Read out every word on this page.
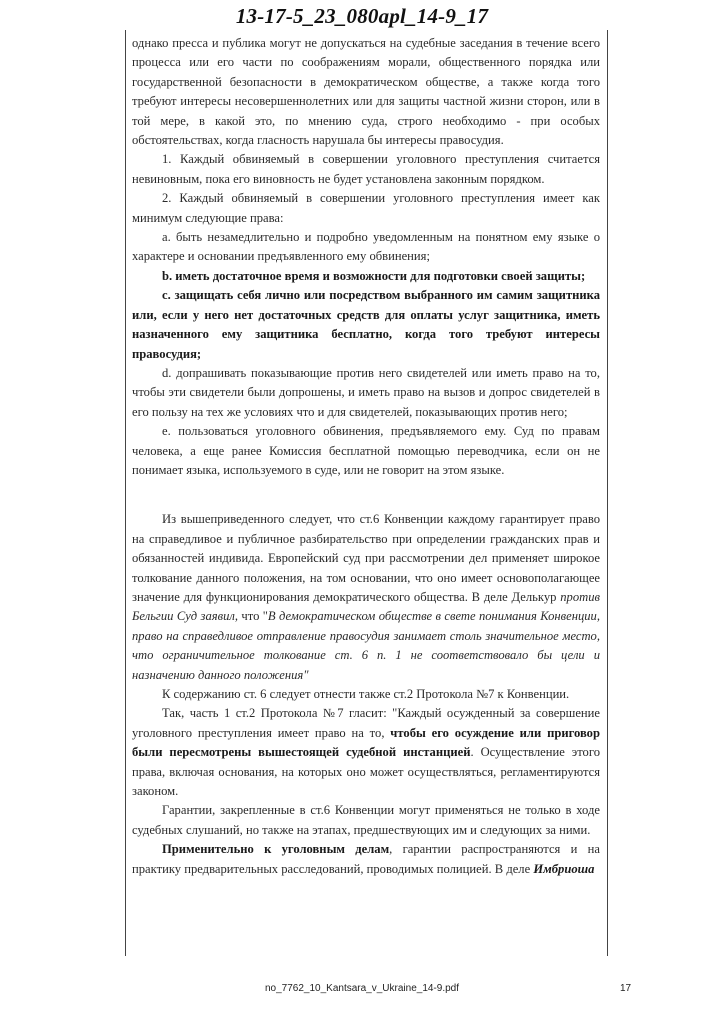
13-17-5_23_080apl_14-9_17

однако пресса и публика могут не допускаться на судебные заседания в течение всего процесса или его части по соображениям морали, общественного порядка или государственной безопасности в демократическом обществе, а также когда того требуют интересы несовершеннолетних или для защиты частной жизни сторон, или в той мере, в какой это, по мнению суда, строго необходимо - при особых обстоятельствах, когда гласность нарушала бы интересы правосудия.

1. Каждый обвиняемый в совершении уголовного преступления считается невиновным, пока его виновность не будет установлена законным порядком.

2. Каждый обвиняемый в совершении уголовного преступления имеет как минимум следующие права:

a. быть незамедлительно и подробно уведомленным на понятном ему языке о характере и основании предъявленного ему обвинения;

b. иметь достаточное время и возможности для подготовки своей защиты;

c. защищать себя лично или посредством выбранного им самим защитника или, если у него нет достаточных средств для оплаты услуг защитника, иметь назначенного ему защитника бесплатно, когда того требуют интересы правосудия;

d. допрашивать показывающие против него свидетелей или иметь право на то, чтобы эти свидетели были допрошены, и иметь право на вызов и допрос свидетелей в его пользу на тех же условиях что и для свидетелей, показывающих против него;

e. пользоваться уголовного обвинения, предъявляемого ему. Суд по правам человека, а еще ранее Комиссия бесплатной помощью переводчика, если он не понимает языка, используемого в суде, или не говорит на этом языке.

Из вышеприведенного следует, что ст.6 Конвенции каждому гарантирует право на справедливое и публичное разбирательство при определении гражданских прав и обязанностей индивида. Европейский суд при рассмотрении дел применяет широкое толкование данного положения, на том основании, что оно имеет основополагающее значение для функционирования демократического общества. В деле Делькур против Бельгии Суд заявил, что "В демократическом обществе в свете понимания Конвенции, право на справедливое отправление правосудия занимает столь значительное место, что ограничительное толкование ст. 6 п. 1 не соответствовало бы цели и назначению данного положения"

К содержанию ст. 6 следует отнести также ст.2 Протокола №7 к Конвенции.

Так, часть 1 ст.2 Протокола №7 гласит: "Каждый осужденный за совершение уголовного преступления имеет право на то, чтобы его осуждение или приговор были пересмотрены вышестоящей судебной инстанцией. Осуществление этого права, включая основания, на которых оно может осуществляться, регламентируются законом.

Гарантии, закрепленные в ст.6 Конвенции могут применяться не только в ходе судебных слушаний, но также на этапах, предшествующих им и следующих за ними.

Применительно к уголовным делам, гарантии распространяются и на практику предварительных расследований, проводимых полицией. В деле Имбриоша

no_7762_10_Kantsara_v_Ukraine_14-9.pdf	17
